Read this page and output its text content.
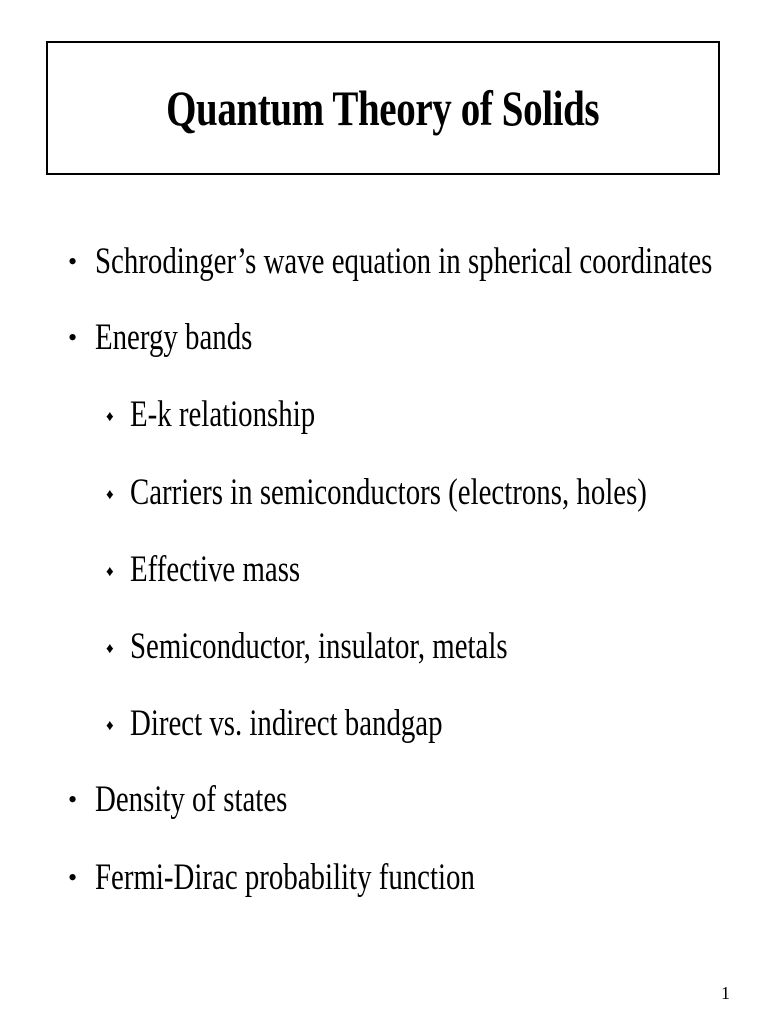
Quantum Theory of Solids
• Schrodinger’s wave equation in spherical coordinates
• Energy bands
♦ E-k relationship
♦ Carriers in semiconductors (electrons, holes)
♦ Effective mass
♦ Semiconductor, insulator, metals
♦ Direct vs. indirect bandgap
• Density of states
• Fermi-Dirac probability function
1
